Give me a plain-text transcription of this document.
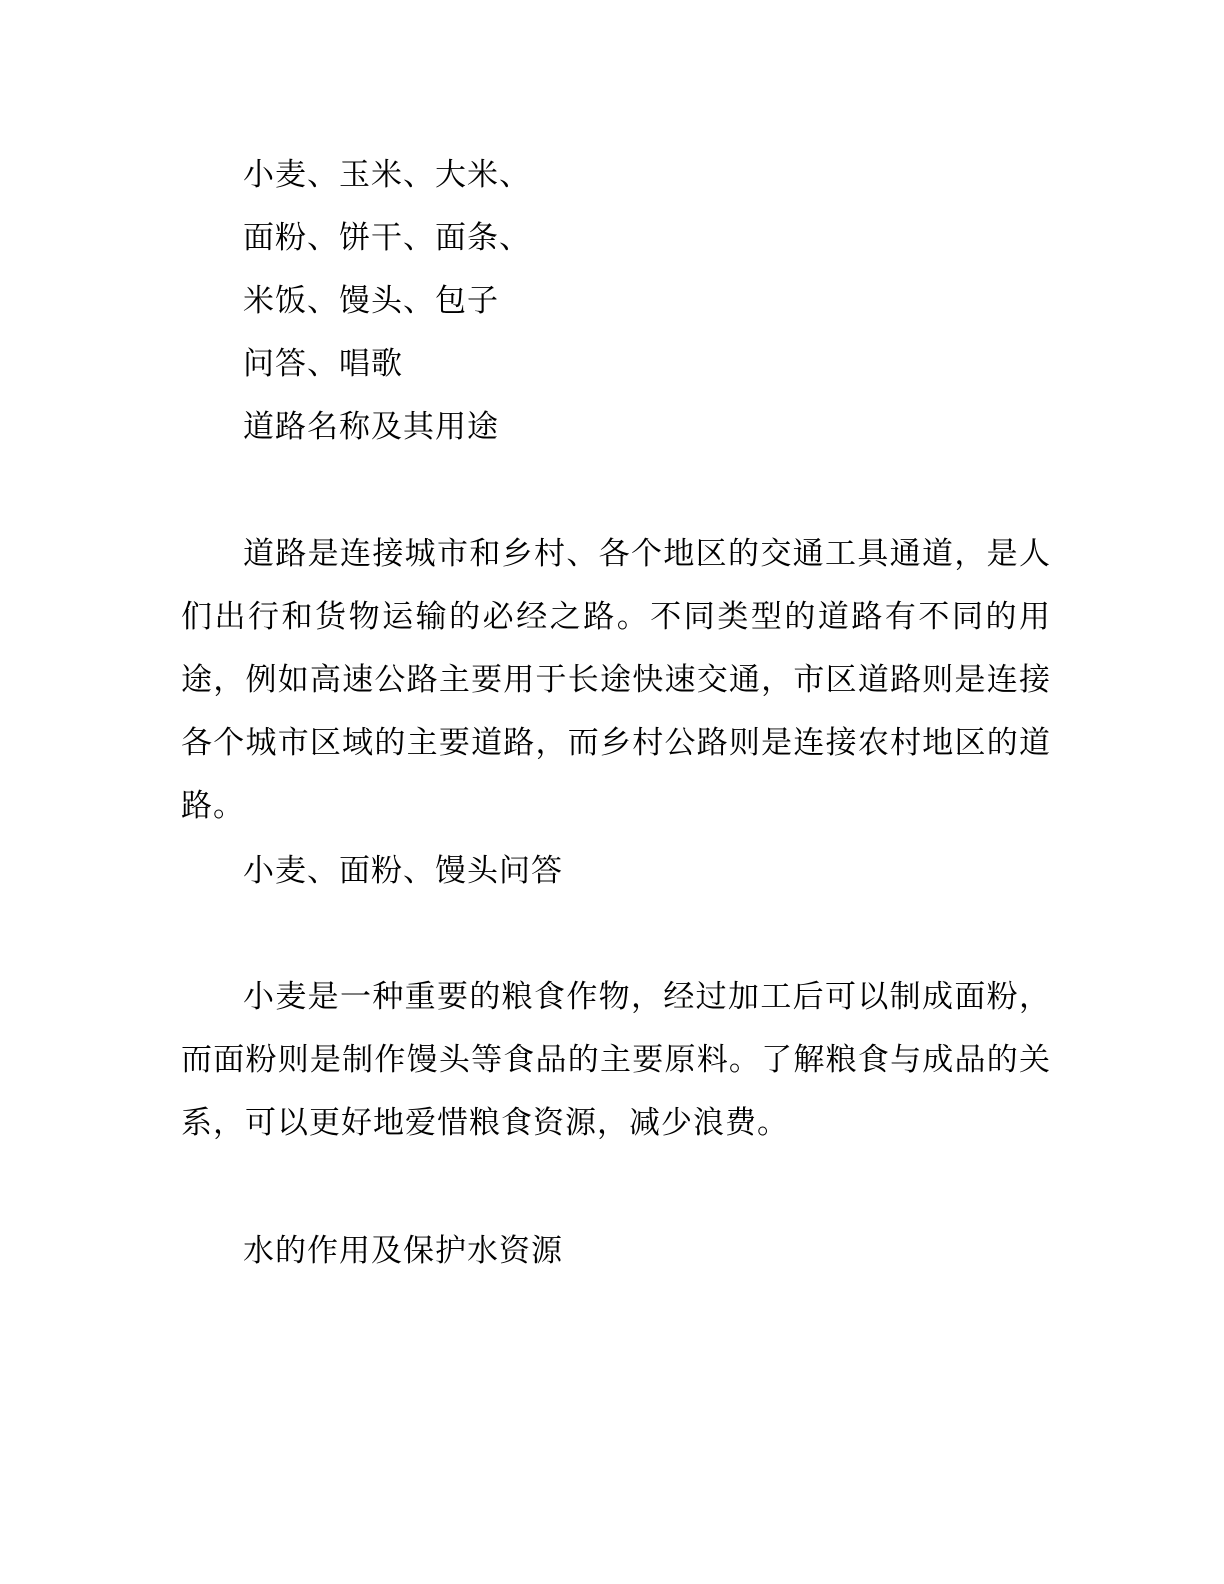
小麦、玉米、大米、
面粉、饼干、面条、
米饭、馒头、包子
问答、唱歌
道路名称及其用途
道路是连接城市和乡村、各个地区的交通工具通道，是人们出行和货物运输的必经之路。不同类型的道路有不同的用途，例如高速公路主要用于长途快速交通，市区道路则是连接各个城市区域的主要道路，而乡村公路则是连接农村地区的道路。
小麦、面粉、馒头问答
小麦是一种重要的粮食作物，经过加工后可以制成面粉，而面粉则是制作馒头等食品的主要原料。了解粮食与成品的关系，可以更好地爱惜粮食资源，减少浪费。
水的作用及保护水资源
